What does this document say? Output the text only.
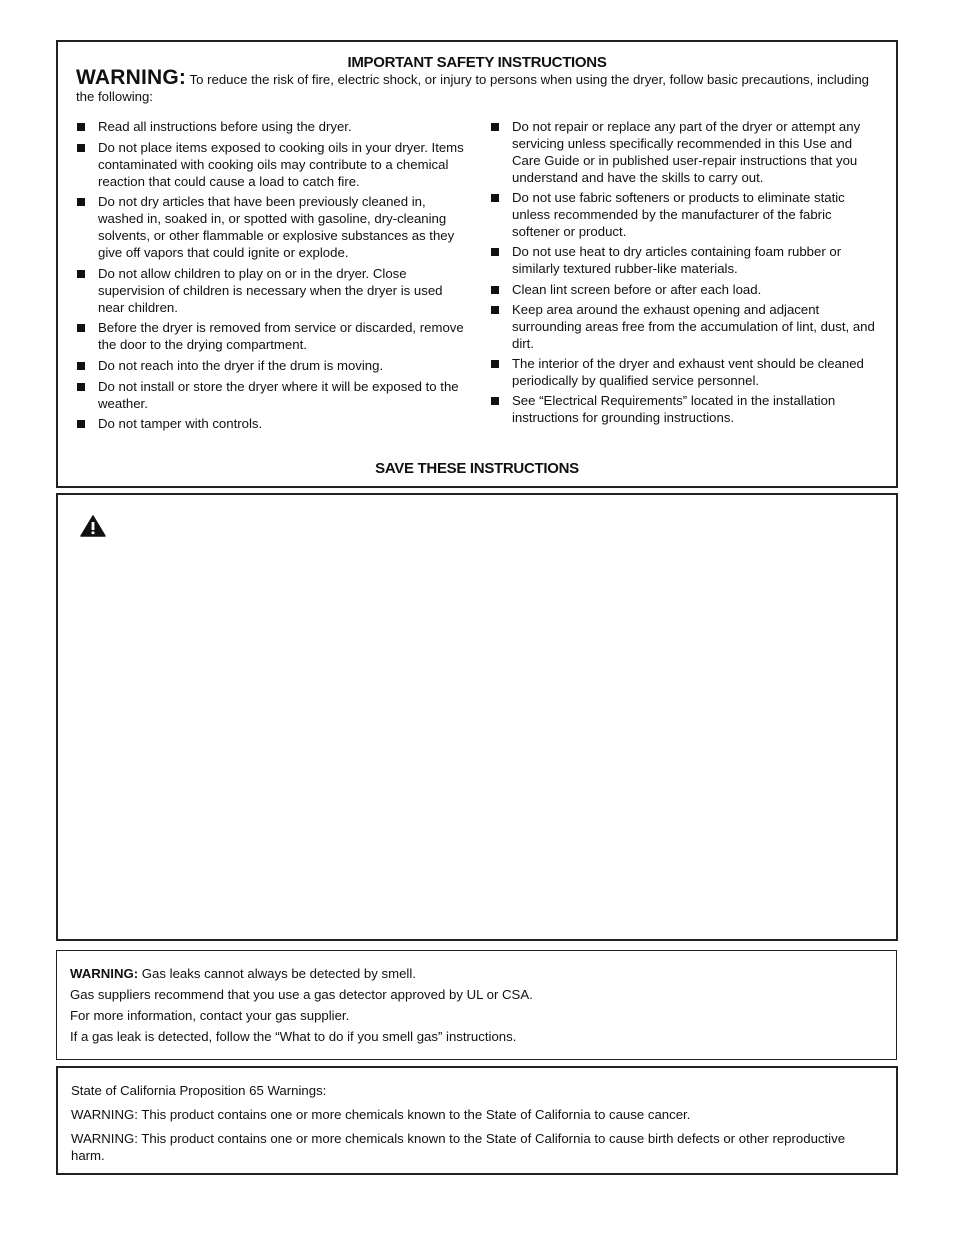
IMPORTANT SAFETY INSTRUCTIONS
WARNING: To reduce the risk of fire, electric shock, or injury to persons when using the dryer, follow basic precautions, including the following:
Read all instructions before using the dryer.
Do not place items exposed to cooking oils in your dryer. Items contaminated with cooking oils may contribute to a chemical reaction that could cause a load to catch fire.
Do not dry articles that have been previously cleaned in, washed in, soaked in, or spotted with gasoline, dry-cleaning solvents, or other flammable or explosive substances as they give off vapors that could ignite or explode.
Do not allow children to play on or in the dryer. Close supervision of children is necessary when the dryer is used near children.
Before the dryer is removed from service or discarded, remove the door to the drying compartment.
Do not reach into the dryer if the drum is moving.
Do not install or store the dryer where it will be exposed to the weather.
Do not tamper with controls.
Do not repair or replace any part of the dryer or attempt any servicing unless specifically recommended in this Use and Care Guide or in published user-repair instructions that you understand and have the skills to carry out.
Do not use fabric softeners or products to eliminate static unless recommended by the manufacturer of the fabric softener or product.
Do not use heat to dry articles containing foam rubber or similarly textured rubber-like materials.
Clean lint screen before or after each load.
Keep area around the exhaust opening and adjacent surrounding areas free from the accumulation of lint, dust, and dirt.
The interior of the dryer and exhaust vent should be cleaned periodically by qualified service personnel.
See “Electrical Requirements” located in the installation instructions for grounding instructions.
SAVE THESE INSTRUCTIONS

WARNING: Gas leaks cannot always be detected by smell.

Gas suppliers recommend that you use a gas detector approved by UL or CSA.

For more information, contact your gas supplier.

If a gas leak is detected, follow the “What to do if you smell gas” instructions.

State of California Proposition 65 Warnings:

WARNING: This product contains one or more chemicals known to the State of California to cause cancer.

WARNING: This product contains one or more chemicals known to the State of California to cause birth defects or other reproductive harm.
